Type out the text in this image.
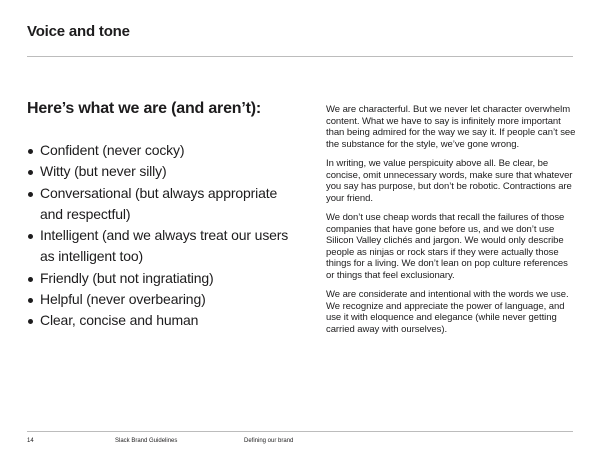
Voice and tone
Here’s what we are (and aren’t):
Confident (never cocky)
Witty (but never silly)
Conversational (but always appropriate and respectful)
Intelligent (and we always treat our users as intelligent too)
Friendly (but not ingratiating)
Helpful (never overbearing)
Clear, concise and human

We are characterful. But we never let character overwhelm content. What we have to say is infinitely more important than being admired for the way we say it. If people can’t see the substance for the style, we’ve gone wrong.

In writing, we value perspicuity above all. Be clear, be concise, omit unnecessary words, make sure that whatever you say has purpose, but don’t be robotic. Contractions are your friend.

We don’t use cheap words that recall the failures of those companies that have gone before us, and we don’t use Silicon Valley clichés and jargon. We would only describe people as ninjas or rock stars if they were actually those things for a living. We don’t lean on pop culture references or things that feel exclusionary.

We are considerate and intentional with the words we use. We recognize and appreciate the power of language, and use it with eloquence and elegance (while never getting carried away with ourselves).

14	Slack Brand Guidelines	Defining our brand
